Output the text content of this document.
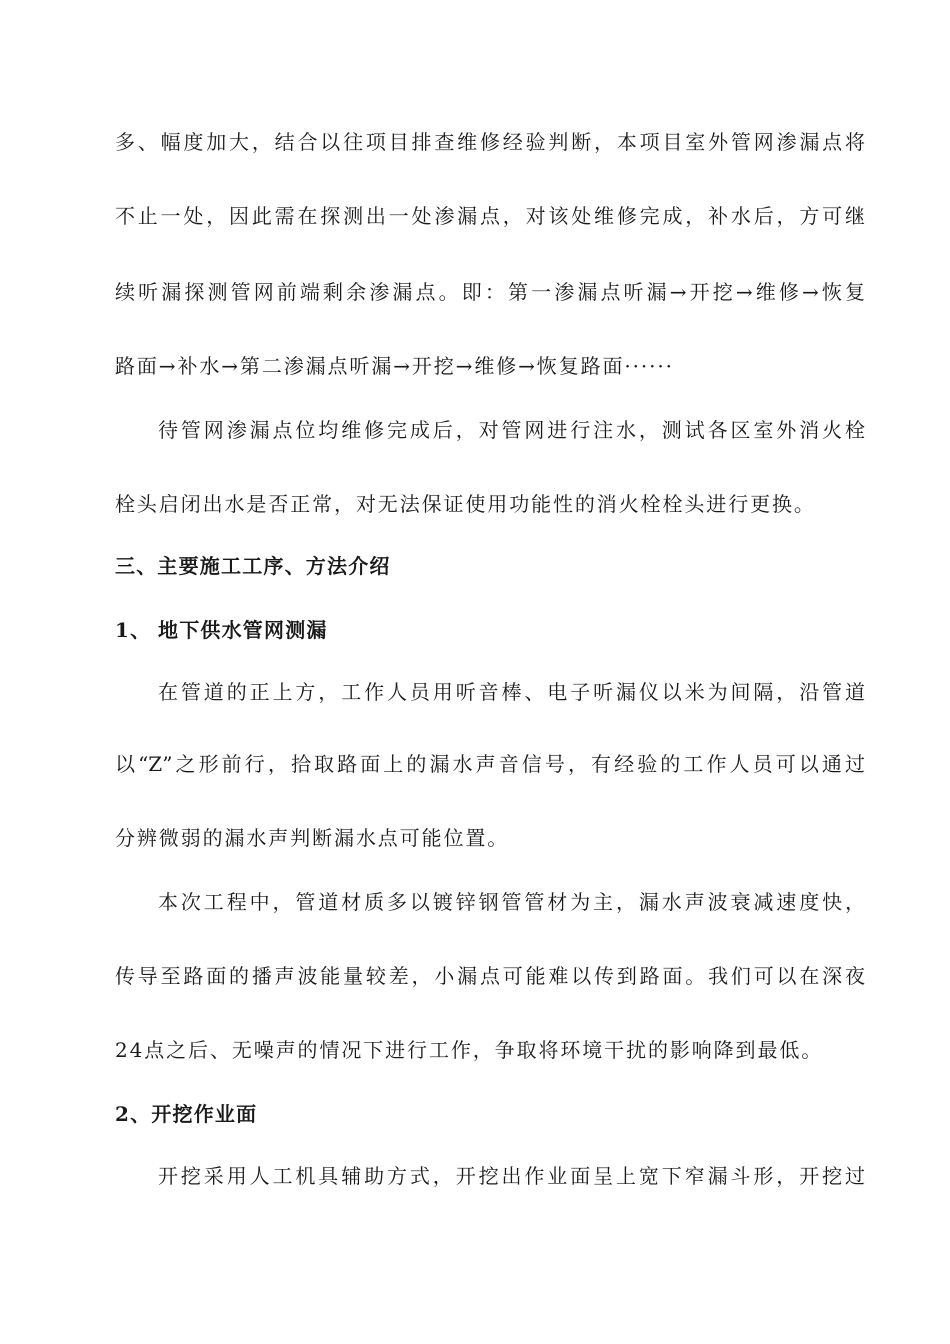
多、幅度加大，结合以往项目排查维修经验判断，本项目室外管网渗漏点将

不止一处，因此需在探测出一处渗漏点，对该处维修完成，补水后，方可继

续听漏探测管网前端剩余渗漏点。即：第一渗漏点听漏→开挖→维修→恢复

路面→补水→第二渗漏点听漏→开挖→维修→恢复路面······

待管网渗漏点位均维修完成后，对管网进行注水，测试各区室外消火栓

栓头启闭出水是否正常，对无法保证使用功能性的消火栓栓头进行更换。

三、主要施工工序、方法介绍

1、 地下供水管网测漏

在管道的正上方，工作人员用听音棒、电子听漏仪以米为间隔，沿管道

以“Z”之形前行，拾取路面上的漏水声音信号，有经验的工作人员可以通过

分辨微弱的漏水声判断漏水点可能位置。

本次工程中，管道材质多以镀锌钢管管材为主，漏水声波衰减速度快，

传导至路面的播声波能量较差，小漏点可能难以传到路面。我们可以在深夜

24点之后、无噪声的情况下进行工作，争取将环境干扰的影响降到最低。

2、开挖作业面

开挖采用人工机具辅助方式，开挖出作业面呈上宽下窄漏斗形，开挖过
